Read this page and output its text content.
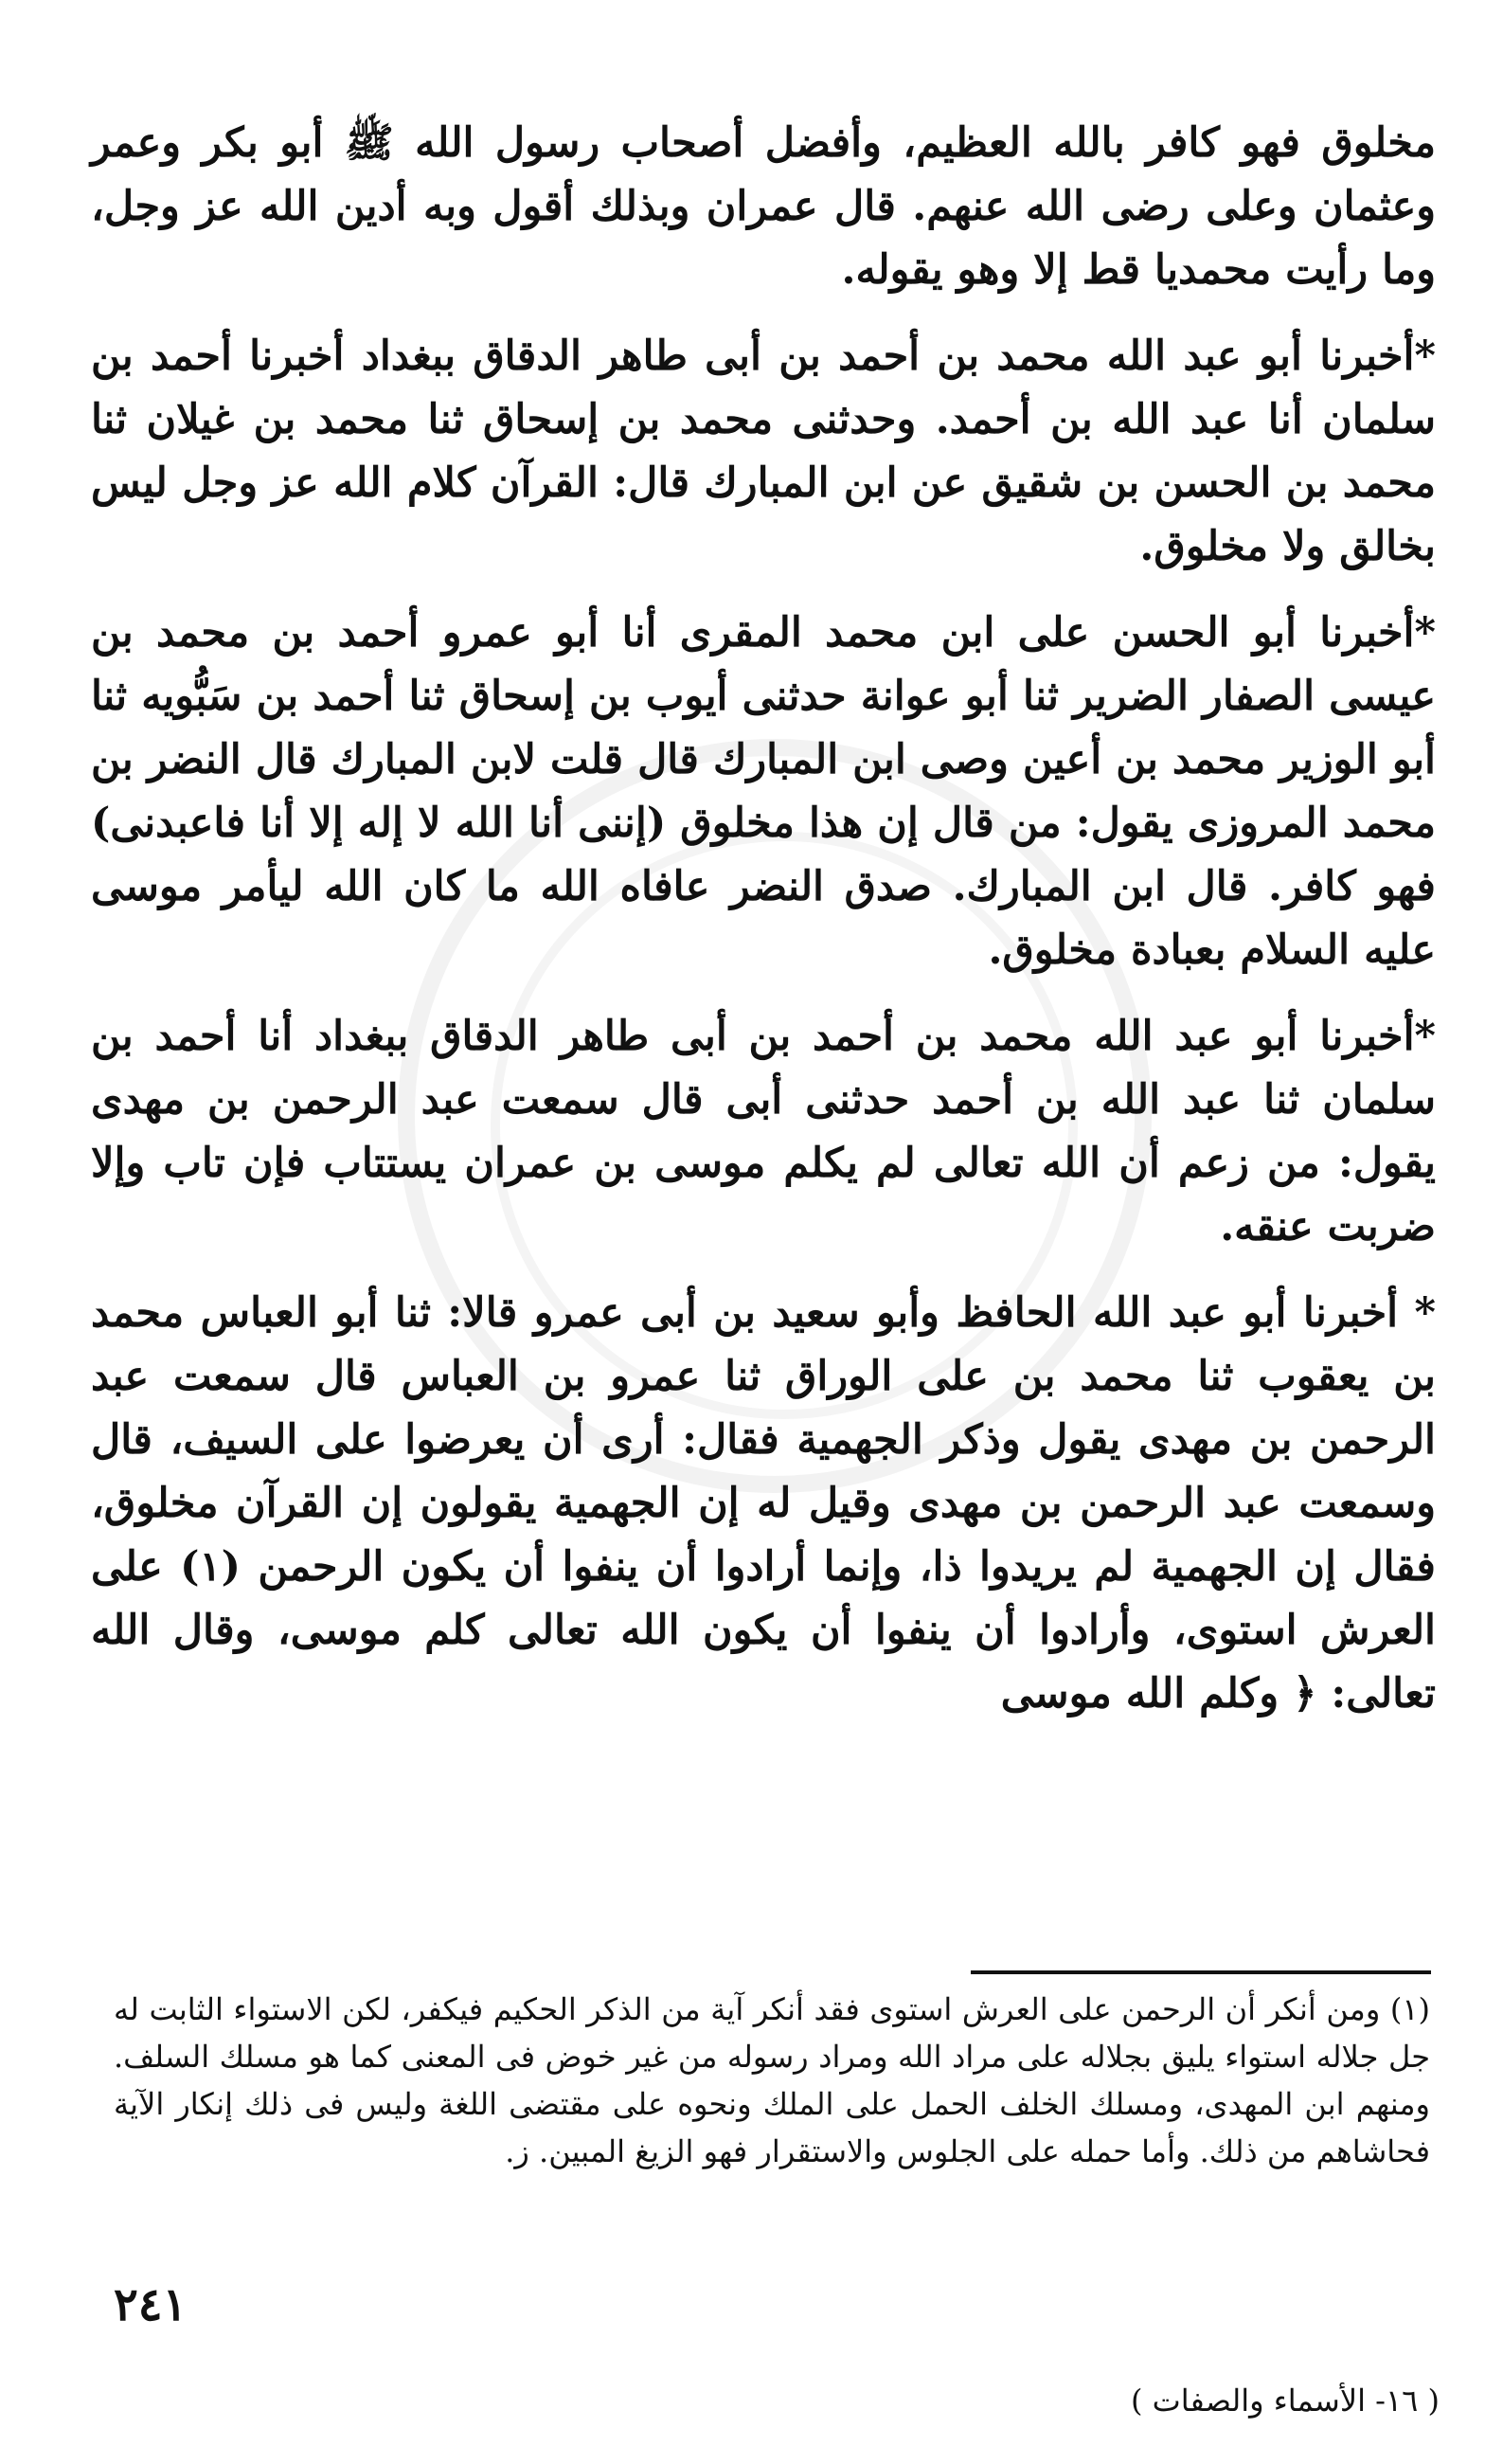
مخلوق فهو كافر بالله العظيم، وأفضل أصحاب رسول الله ﷺ أبو بكر وعمر وعثمان وعلى رضى الله عنهم. قال عمران وبذلك أقول وبه أدين الله عز وجل، وما رأيت محمديا قط إلا وهو يقوله.

*أخبرنا أبو عبد الله محمد بن أحمد بن أبى طاهر الدقاق ببغداد أخبرنا أحمد بن سلمان أنا عبد الله بن أحمد. وحدثنى محمد بن إسحاق ثنا محمد بن غيلان ثنا محمد بن الحسن بن شقيق عن ابن المبارك قال: القرآن كلام الله عز وجل ليس بخالق ولا مخلوق.

*أخبرنا أبو الحسن على ابن محمد المقرى أنا أبو عمرو أحمد بن محمد بن عيسى الصفار الضرير ثنا أبو عوانة حدثنى أيوب بن إسحاق ثنا أحمد بن سَبُّويه ثنا أبو الوزير محمد بن أعين وصى ابن المبارك قال قلت لابن المبارك قال النضر بن محمد المروزى يقول: من قال إن هذا مخلوق (إننى أنا الله لا إله إلا أنا فاعبدنى) فهو كافر. قال ابن المبارك. صدق النضر عافاه الله ما كان الله ليأمر موسى عليه السلام بعبادة مخلوق.

*أخبرنا أبو عبد الله محمد بن أحمد بن أبى طاهر الدقاق ببغداد أنا أحمد بن سلمان ثنا عبد الله بن أحمد حدثنى أبى قال سمعت عبد الرحمن بن مهدى يقول: من زعم أن الله تعالى لم يكلم موسى بن عمران يستتاب فإن تاب وإلا ضربت عنقه.

* أخبرنا أبو عبد الله الحافظ وأبو سعيد بن أبى عمرو قالا: ثنا أبو العباس محمد بن يعقوب ثنا محمد بن على الوراق ثنا عمرو بن العباس قال سمعت عبد الرحمن بن مهدى يقول وذكر الجهمية فقال: أرى أن يعرضوا على السيف، قال وسمعت عبد الرحمن بن مهدى وقيل له إن الجهمية يقولون إن القرآن مخلوق، فقال إن الجهمية لم يريدوا ذا، وإنما أرادوا أن ينفوا أن يكون الرحمن (١) على العرش استوى، وأرادوا أن ينفوا أن يكون الله تعالى كلم موسى، وقال الله تعالى: ﴿ وكلم الله موسى

(١) ومن أنكر أن الرحمن على العرش استوى فقد أنكر آية من الذكر الحكيم فيكفر، لكن الاستواء الثابت له جل جلاله استواء يليق بجلاله على مراد الله ومراد رسوله من غير خوض فى المعنى كما هو مسلك السلف. ومنهم ابن المهدى، ومسلك الخلف الحمل على الملك ونحوه على مقتضى اللغة وليس فى ذلك إنكار الآية فحاشاهم من ذلك. وأما حمله على الجلوس والاستقرار فهو الزيغ المبين. ز.

٢٤١
( ١٦- الأسماء والصفات )
